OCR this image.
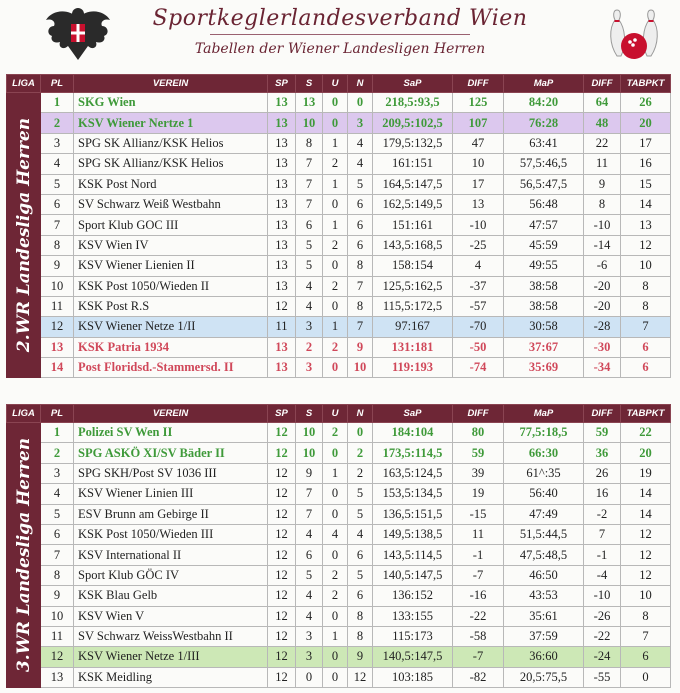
Sportkeglerlandesverband Wien
Tabellen der Wiener Landesligen Herren
LIGA	PL	VEREIN	SP	S	U	N	SaP	DIFF	MaP	DIFF	TABPKT

2.WR Landesliga Herren	1	SKG Wien	13	13	0	0	218,5:93,5	125	84:20	64	26
	2	KSV Wiener Nertze 1	13	10	0	3	209,5:102,5	107	76:28	48	20
	3	SPG SK Allianz/KSK Helios	13	8	1	4	179,5:132,5	47	63:41	22	17
	4	SPG SK Allianz/KSK Helios	13	7	2	4	161:151	10	57,5:46,5	11	16
	5	KSK Post Nord	13	7	1	5	164,5:147,5	17	56,5:47,5	9	15
	6	SV Schwarz Weiß Westbahn	13	7	0	6	162,5:149,5	13	56:48	8	14
	7	Sport Klub GOC III	13	6	1	6	151:161	-10	47:57	-10	13
	8	KSV Wien IV	13	5	2	6	143,5:168,5	-25	45:59	-14	12
	9	KSV Wiener Lienien II	13	5	0	8	158:154	4	49:55	-6	10
	10	KSK Post 1050/Wieden II	13	4	2	7	125,5:162,5	-37	38:58	-20	8
	11	KSK Post R.S	12	4	0	8	115,5:172,5	-57	38:58	-20	8
	12	KSV Wiener Netze 1/II	11	3	1	7	97:167	-70	30:58	-28	7
	13	KSK Patria 1934	13	2	2	9	131:181	-50	37:67	-30	6
	14	Post Floridsd.-Stammersd. II	13	3	0	10	119:193	-74	35:69	-34	6
LIGA	PL	VEREIN	SP	S	U	N	SaP	DIFF	MaP	DIFF	TABPKT

3.WR Landesliga Herren	1	Polizei SV Wen II	12	10	2	0	184:104	80	77,5:18,5	59	22
	2	SPG ASKÖ XI/SV Bäder II	12	10	0	2	173,5:114,5	59	66:30	36	20
	3	SPG SKH/Post SV 1036 III	12	9	1	2	163,5:124,5	39	61^:35	26	19
	4	KSV Wiener Linien III	12	7	0	5	153,5:134,5	19	56:40	16	14
	5	ESV Brunn am Gebirge II	12	7	0	5	136,5:151,5	-15	47:49	-2	14
	6	KSK Post 1050/Wieden III	12	4	4	4	149,5:138,5	11	51,5:44,5	7	12
	7	KSV International II	12	6	0	6	143,5:114,5	-1	47,5:48,5	-1	12
	8	Sport Klub GÖC IV	12	5	2	5	140,5:147,5	-7	46:50	-4	12
	9	KSK Blau Gelb	12	4	2	6	136:152	-16	43:53	-10	10
	10	KSV Wien V	12	4	0	8	133:155	-22	35:61	-26	8
	11	SV Schwarz WeissWestbahn II	12	3	1	8	115:173	-58	37:59	-22	7
	12	KSV Wiener Netze 1/III	12	3	0	9	140,5:147,5	-7	36:60	-24	6
	13	KSK Meidling	12	0	0	12	103:185	-82	20,5:75,5	-55	0
